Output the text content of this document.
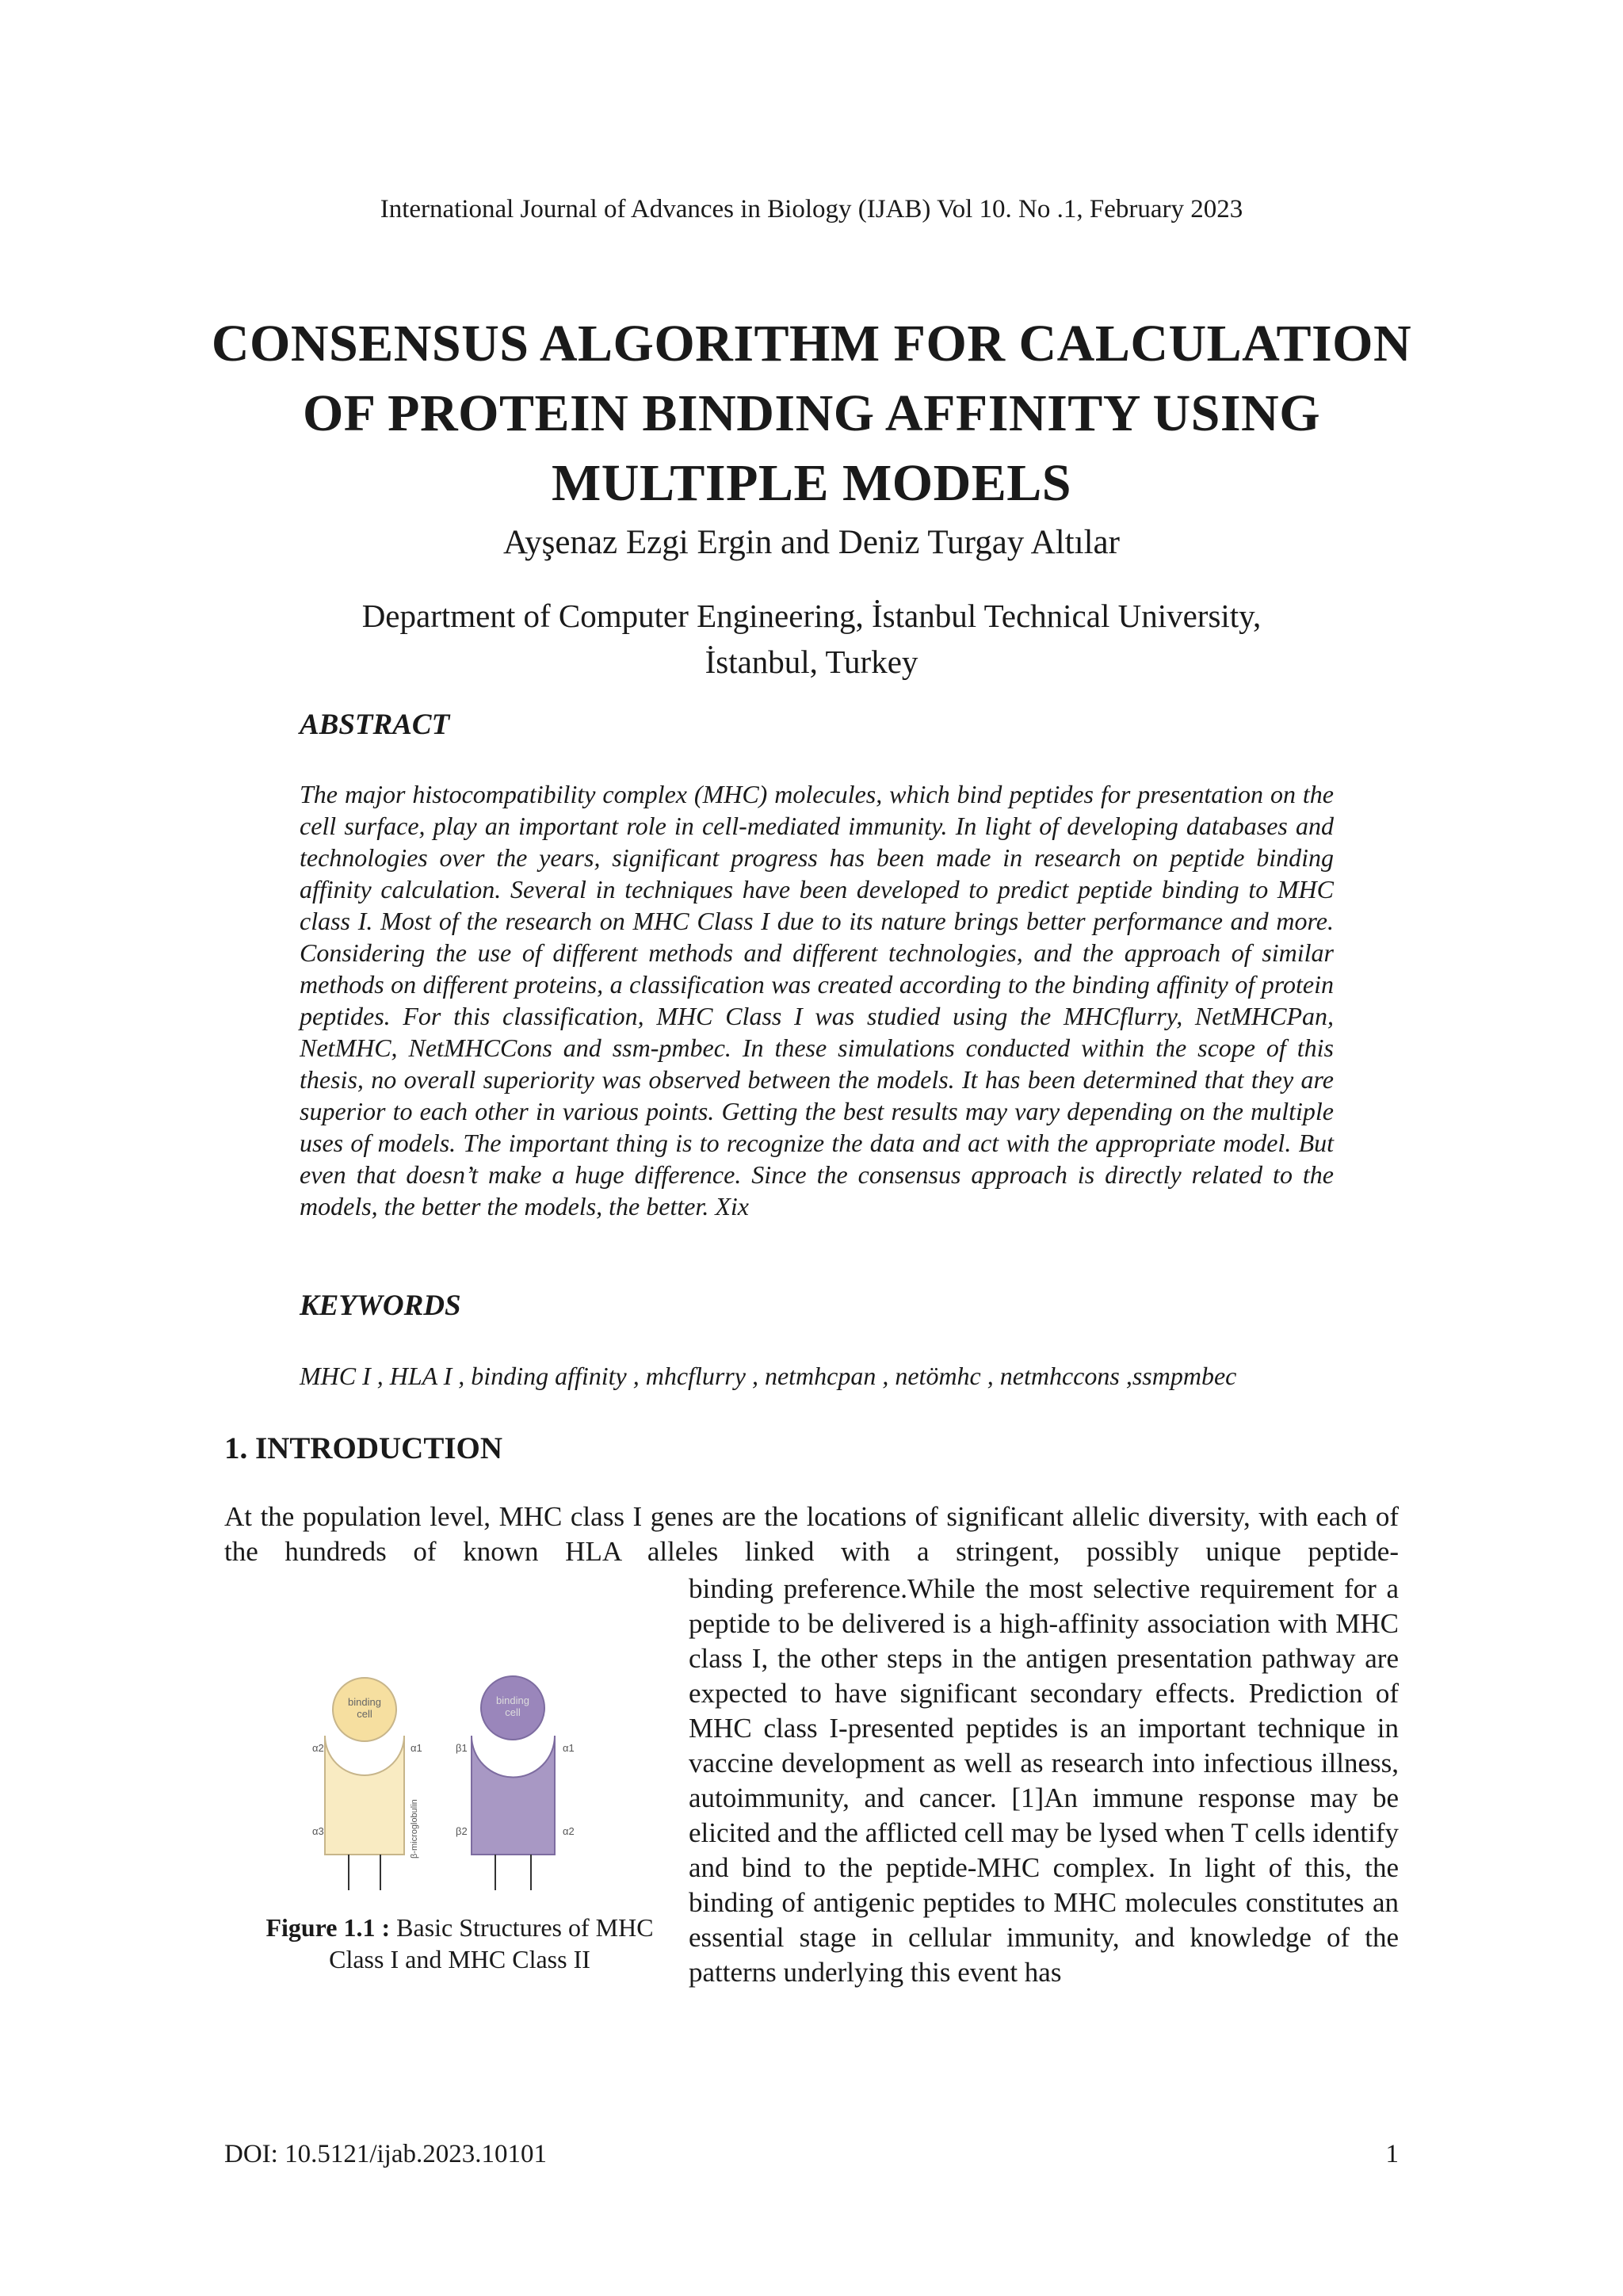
International Journal of Advances in Biology (IJAB) Vol 10. No .1, February 2023
CONSENSUS ALGORITHM FOR CALCULATION
OF PROTEIN BINDING AFFINITY USING
MULTIPLE MODELS
Ayşenaz Ezgi Ergin and Deniz Turgay Altılar
Department of Computer Engineering, İstanbul Technical University,
İstanbul, Turkey
ABSTRACT
The major histocompatibility complex (MHC) molecules, which bind peptides for presentation on the cell surface, play an important role in cell-mediated immunity. In light of developing databases and technologies over the years, significant progress has been made in research on peptide binding affinity calculation. Several in techniques have been developed to predict peptide binding to MHC class I. Most of the research on MHC Class I due to its nature brings better performance and more. Considering the use of different methods and different technologies, and the approach of similar methods on different proteins, a classification was created according to the binding affinity of protein peptides. For this classification, MHC Class I was studied using the MHCflurry, NetMHCPan, NetMHC, NetMHCCons and ssm-pmbec. In these simulations conducted within the scope of this thesis, no overall superiority was observed between the models. It has been determined that they are superior to each other in various points. Getting the best results may vary depending on the multiple uses of models. The important thing is to recognize the data and act with the appropriate model. But even that doesn’t make a huge difference. Since the consensus approach is directly related to the models, the better the models, the better. Xix
KEYWORDS
MHC I , HLA I , binding affinity , mhcflurry , netmhcpan , netömhc , netmhccons ,ssmpmbec
1. INTRODUCTION
At the population level, MHC class I genes are the locations of significant allelic diversity, with each of the hundreds of known HLA alleles linked with a stringent, possibly unique peptide-
binding preference.While the most selective requirement for a peptide to be delivered is a high-affinity association with MHC class I, the other steps in the antigen presentation pathway are expected to have significant secondary effects. Prediction of MHC class I-presented peptides is an important technique in vaccine development as well as research into infectious illness, autoimmunity, and cancer. [1]An immune response may be elicited and the afflicted cell may be lysed when T cells identify and bind to the peptide-MHC complex. In light of this, the binding of antigenic peptides to MHC molecules constitutes an essential stage in cellular immunity, and knowledge of the patterns underlying this event has
binding
cell
α2	α1
α3	β-microglobulin
binding
cell
β1	α1
β2	α2
Figure 1.1 : Basic Structures of MHC Class I and MHC Class II
DOI: 10.5121/ijab.2023.10101	1
